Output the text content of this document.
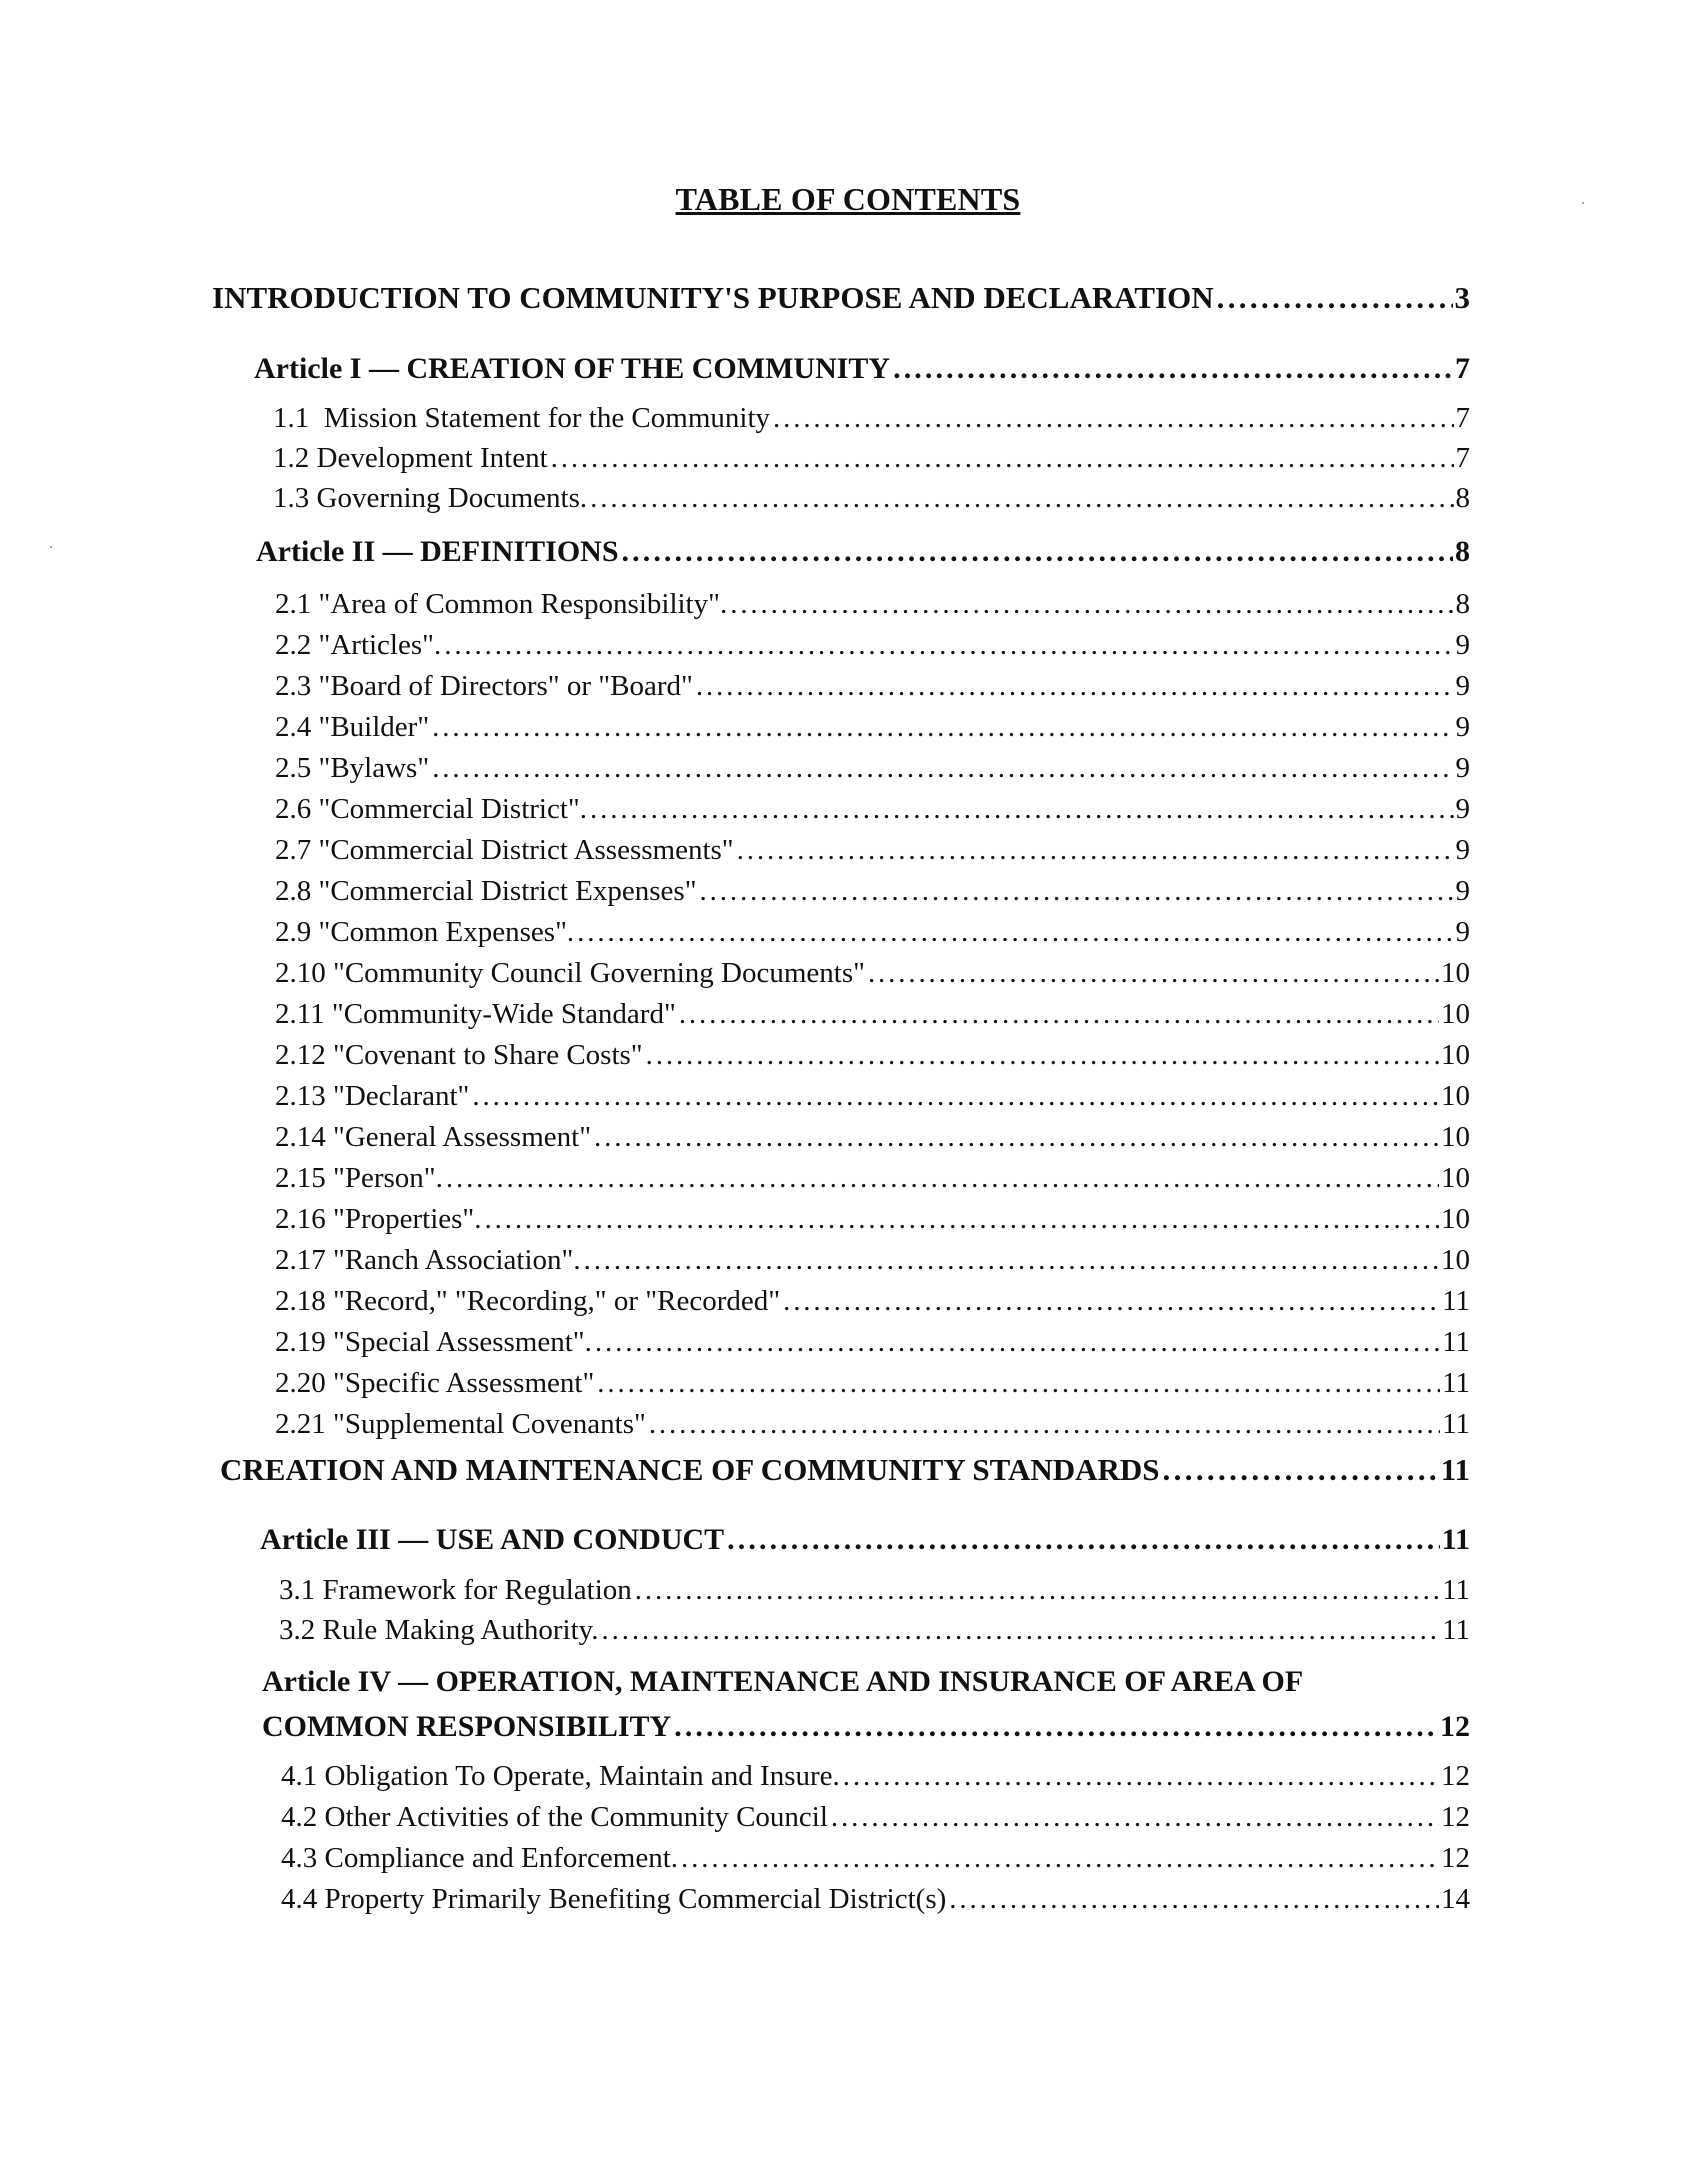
TABLE OF CONTENTS
INTRODUCTION TO COMMUNITY'S PURPOSE AND DECLARATION . . .	3
Article I — CREATION OF THE COMMUNITY . . .	7
1.1  Mission Statement for the Community . . .	7
1.2 Development Intent . . .	7
1.3 Governing Documents. . . .	8
Article II — DEFINITIONS . . .	8
2.1 "Area of Common Responsibility". . . .	8
2.2 "Articles". . . .	9
2.3 "Board of Directors" or "Board" . . .	9
2.4 "Builder" . . .	9
2.5 "Bylaws" . . .	9
2.6 "Commercial District". . . .	9
2.7 "Commercial District Assessments" . . .	9
2.8 "Commercial District Expenses" . . .	9
2.9 "Common Expenses". . . .	9
2.10 "Community Council Governing Documents" . . .	10
2.11 "Community-Wide Standard" . . .	10
2.12 "Covenant to Share Costs" . . .	10
2.13 "Declarant" . . .	10
2.14 "General Assessment" . . .	10
2.15 "Person". . . .	10
2.16 "Properties". . . .	10
2.17 "Ranch Association". . . .	10
2.18 "Record," "Recording," or "Recorded" . . .	11
2.19 "Special Assessment". . . .	11
2.20 "Specific Assessment" . . .	11
2.21 "Supplemental Covenants" . . .	11
CREATION AND MAINTENANCE OF COMMUNITY STANDARDS . . .	11
Article III — USE AND CONDUCT . . .	11
3.1 Framework for Regulation . . .	11
3.2 Rule Making Authority. . . .	11
Article IV — OPERATION, MAINTENANCE AND INSURANCE OF AREA OF
COMMON RESPONSIBILITY . . .	12
4.1 Obligation To Operate, Maintain and Insure. . . .	12
4.2 Other Activities of the Community Council . . .	12
4.3 Compliance and Enforcement. . . .	12
4.4 Property Primarily Benefiting Commercial District(s) . . .	14
